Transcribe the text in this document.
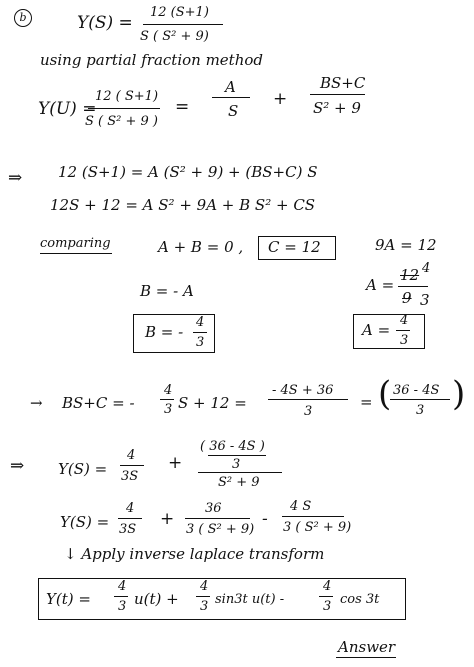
b	Y(S) =
12 (S+1)
S ( S² + 9)
using partial fraction method
Y(U) =
12 ( S+1)
S ( S² + 9 )
=
A
S
+
BS+C
S² + 9
⇒ 12 (S+1) = A (S² + 9) + (BS+C) S
12S + 12 = A S² + 9A + B S² + CS
comparing	A + B = 0 , C = 12	9A = 12
B = - A	A =
12 4
9 3
B = -
4
3
A =
4
3
→ BS+C = -
4
3 S + 12 =
- 4S + 36
3
= ( 36 - 4S
3 )
⇒ Y(S) =
4
3S
+
( 36 - 4S )
3
S² + 9
Y(S) =
4
3S
+
36
3 ( S² + 9)
-
4 S
3 ( S² + 9)
↓ Apply inverse laplace transform
Y(t) =
4
3 u(t) +
4
3 sin3t u(t) -
4
3 cos 3t
Answer
